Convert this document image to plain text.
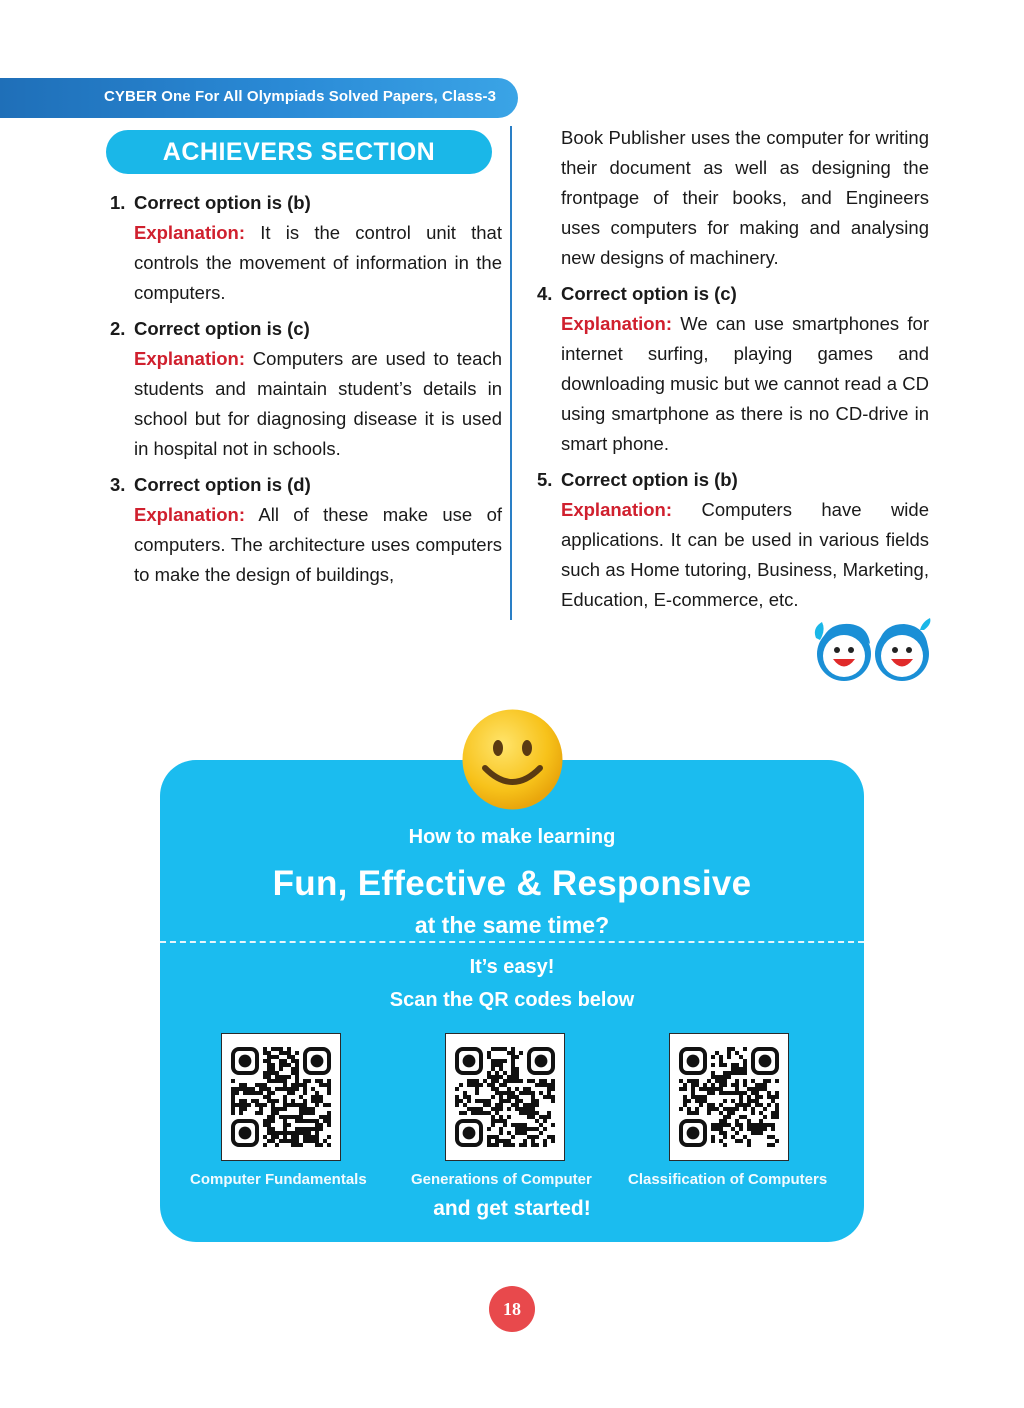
CYBER One For All Olympiads Solved Papers, Class-3
ACHIEVERS SECTION
1. Correct option is (b)
Explanation: It is the control unit that controls the movement of information in the computers.
2. Correct option is (c)
Explanation: Computers are used to teach students and maintain student’s details in school but for diagnosing disease it is used in hospital not in schools.
3. Correct option is (d)
Explanation: All of these make use of computers. The architecture uses computers to make the design of buildings,
Book Publisher uses the computer for writing their document as well as designing the frontpage of their books, and Engineers uses computers for making and analysing new designs of machinery.
4. Correct option is (c)
Explanation: We can use smartphones for internet surfing, playing games and downloading music but we cannot read a CD using smartphone as there is no CD-drive in smart phone.
5. Correct option is (b)
Explanation: Computers have wide applications. It can be used in various fields such as Home tutoring, Business, Marketing, Education, E-commerce, etc.
How to make learning
Fun, Effective & Responsive
at the same time?
It’s easy!
Scan the QR codes below
Computer Fundamentals	Generations of Computer Classification of Computers
and get started!
18
